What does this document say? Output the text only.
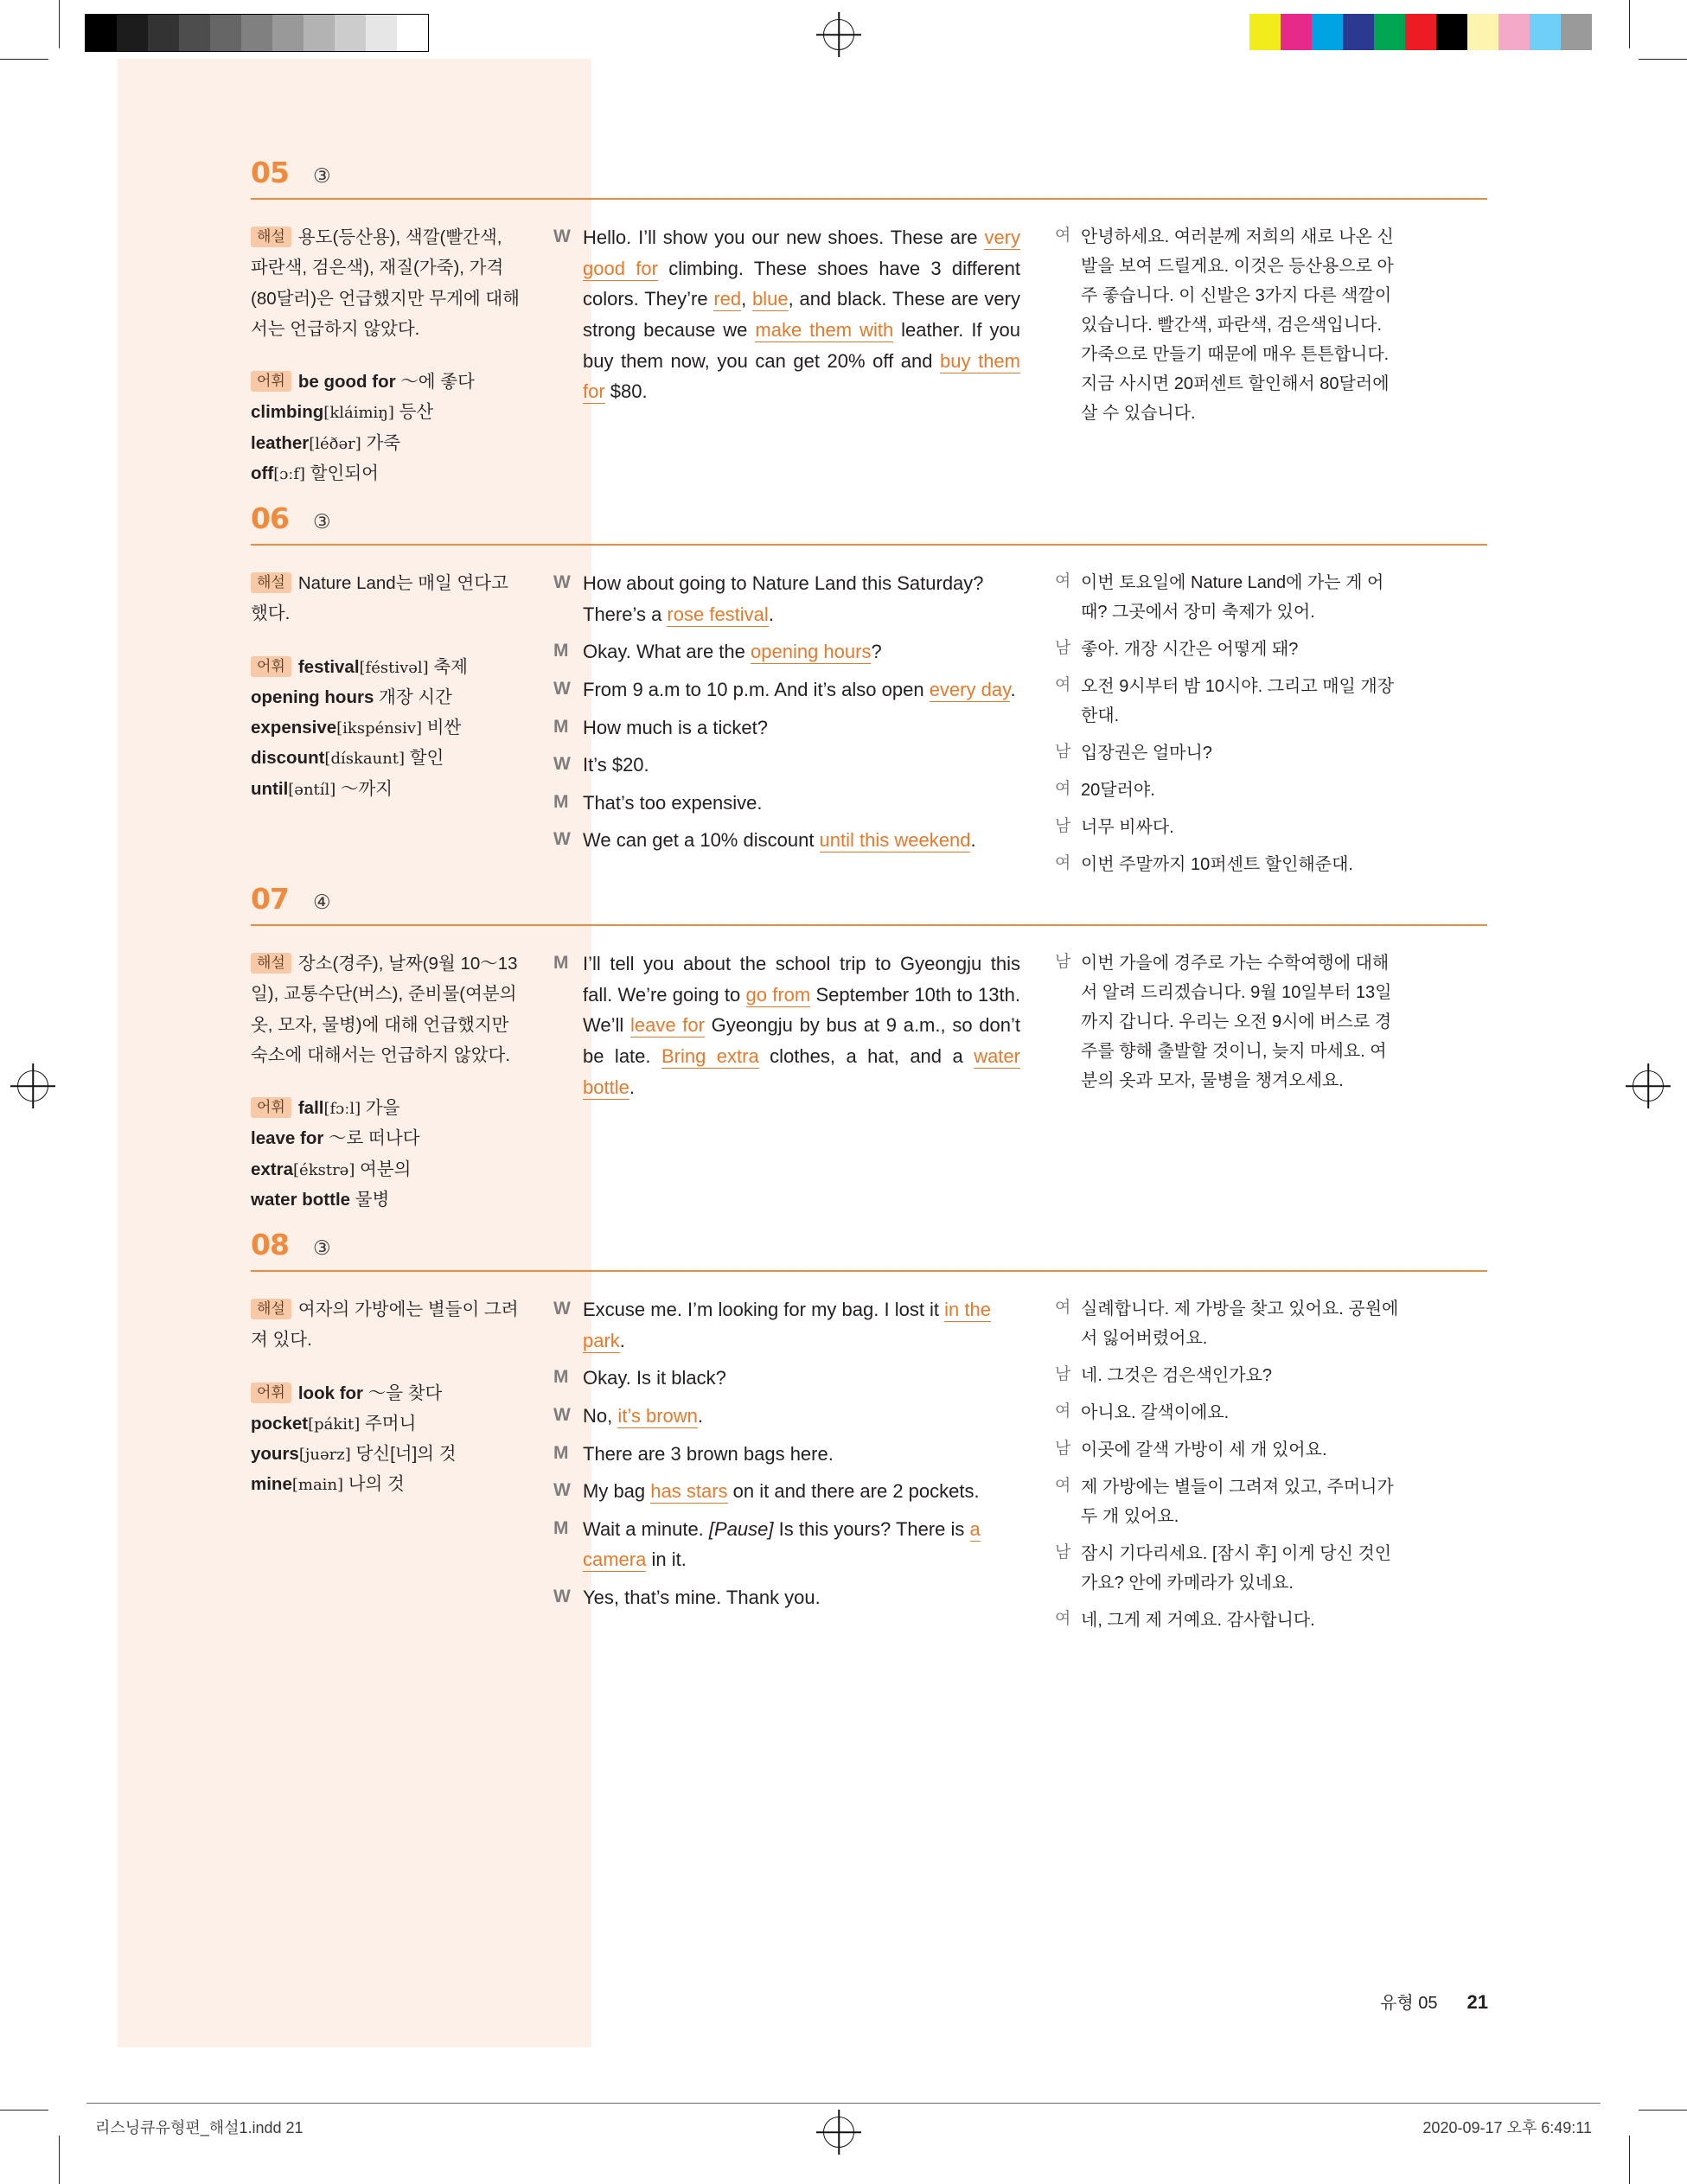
05 ③
해설 용도(등산용), 색깔(빨간색, 파란색, 검은색), 재질(가죽), 가격(80달러)은 언급했지만 무게에 대해서는 언급하지 않았다.
어휘 be good for 〜에 좋다
climbing[kláimiŋ] 등산
leather[léðər] 가죽
off[ɔːf] 할인되어
W Hello. I’ll show you our new shoes. These are very good for climbing. These shoes have 3 different colors. They’re red, blue, and black. These are very strong because we make them with leather. If you buy them now, you can get 20% off and buy them for $80.
여 안녕하세요. 여러분께 저희의 새로 나온 신발을 보여 드릴게요. 이것은 등산용으로 아주 좋습니다. 이 신발은 3가지 다른 색깔이 있습니다. 빨간색, 파란색, 검은색입니다. 가죽으로 만들기 때문에 매우 튼튼합니다. 지금 사시면 20퍼센트 할인해서 80달러에 살 수 있습니다.
06 ③
해설 Nature Land는 매일 연다고 했다.
어휘 festival[féstivəl] 축제
opening hours 개장 시간
expensive[ikspénsiv] 비싼
discount[dískaunt] 할인
until[əntíl] 〜까지
W How about going to Nature Land this Saturday? There’s a rose festival.
M Okay. What are the opening hours?
W From 9 a.m to 10 p.m. And it’s also open every day.
M How much is a ticket?
W It’s $20.
M That’s too expensive.
W We can get a 10% discount until this weekend.
여 이번 토요일에 Nature Land에 가는 게 어때? 그곳에서 장미 축제가 있어.
남 좋아. 개장 시간은 어떻게 돼?
여 오전 9시부터 밤 10시야. 그리고 매일 개장한대.
남 입장권은 얼마니?
여 20달러야.
남 너무 비싸다.
여 이번 주말까지 10퍼센트 할인해준대.
07 ④
해설 장소(경주), 날짜(9월 10〜13일), 교통수단(버스), 준비물(여분의 옷, 모자, 물병)에 대해 언급했지만 숙소에 대해서는 언급하지 않았다.
어휘 fall[fɔːl] 가을
leave for 〜로 떠나다
extra[ékstrə] 여분의
water bottle 물병
M I’ll tell you about the school trip to Gyeongju this fall. We’re going to go from September 10th to 13th. We’ll leave for Gyeongju by bus at 9 a.m., so don’t be late. Bring extra clothes, a hat, and a water bottle.
남 이번 가을에 경주로 가는 수학여행에 대해서 알려 드리겠습니다. 9월 10일부터 13일까지 갑니다. 우리는 오전 9시에 버스로 경주를 향해 출발할 것이니, 늦지 마세요. 여분의 옷과 모자, 물병을 챙겨오세요.
08 ③
해설 여자의 가방에는 별들이 그려져 있다.
어휘 look for 〜을 찾다
pocket[pákit] 주머니
yours[juərz] 당신[너]의 것
mine[main] 나의 것
W Excuse me. I’m looking for my bag. I lost it in the park.
M Okay. Is it black?
W No, it’s brown.
M There are 3 brown bags here.
W My bag has stars on it and there are 2 pockets.
M Wait a minute. [Pause] Is this yours? There is a camera in it.
W Yes, that’s mine. Thank you.
여 실례합니다. 제 가방을 찾고 있어요. 공원에서 잃어버렸어요.
남 네. 그것은 검은색인가요?
여 아니요. 갈색이에요.
남 이곳에 갈색 가방이 세 개 있어요.
여 제 가방에는 별들이 그려져 있고, 주머니가 두 개 있어요.
남 잠시 기다리세요. [잠시 후] 이게 당신 것인가요? 안에 카메라가 있네요.
여 네, 그게 제 거예요. 감사합니다.
유형 05 21
리스닝큐유형편_해설1.indd 21	2020-09-17 오후 6:49:11
